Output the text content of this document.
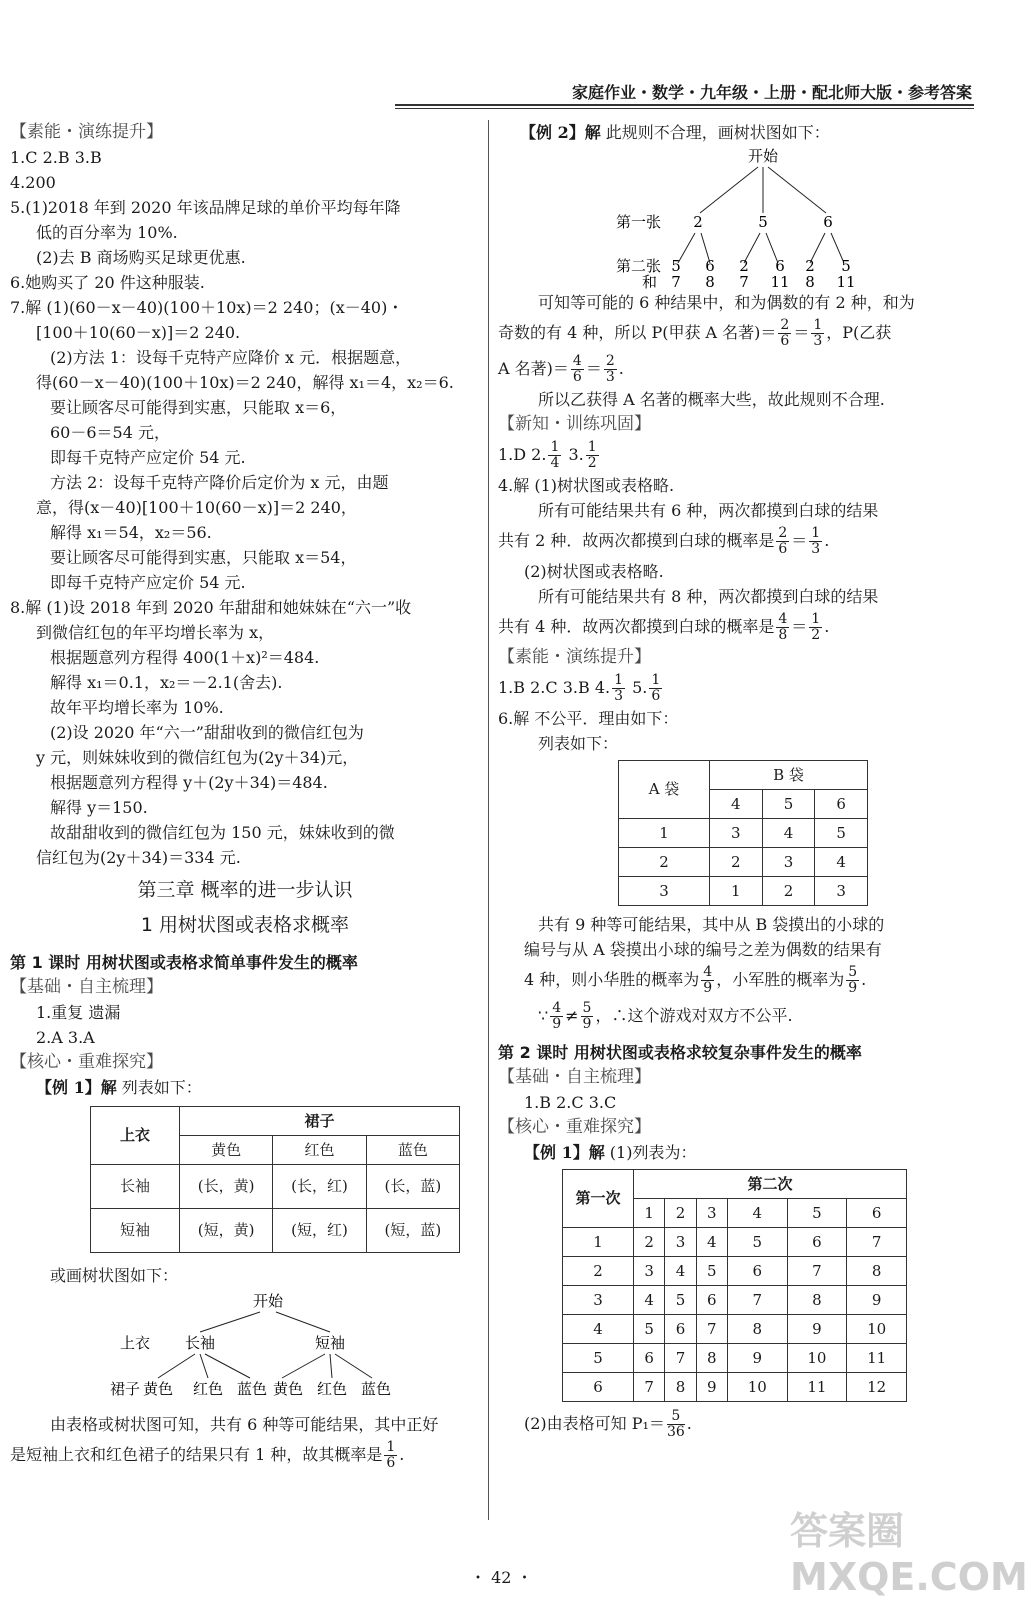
家庭作业・数学・九年级・上册・配北师大版・参考答案
【素能・演练提升】
1.C 2.B 3.B
4.200
5.(1)2018 年到 2020 年该品牌足球的单价平均每年降
低的百分率为 10%.
(2)去 B 商场购买足球更优惠.
6.她购买了 20 件这种服装.
7.解 (1)(60－x－40)(100＋10x)＝2 240；(x－40)・
[100＋10(60－x)]＝2 240.
(2)方法 1：设每千克特产应降价 x 元．根据题意，
得(60－x－40)(100＋10x)＝2 240，解得 x₁＝4，x₂＝6.
要让顾客尽可能得到实惠，只能取 x＝6，
60－6＝54 元，
即每千克特产应定价 54 元.
方法 2：设每千克特产降价后定价为 x 元，由题
意，得(x－40)[100＋10(60－x)]＝2 240，
解得 x₁＝54，x₂＝56.
要让顾客尽可能得到实惠，只能取 x＝54，
即每千克特产应定价 54 元.
8.解 (1)设 2018 年到 2020 年甜甜和她妹妹在“六一”收
到微信红包的年平均增长率为 x，
根据题意列方程得 400(1＋x)²＝484.
解得 x₁＝0.1，x₂＝－2.1(舍去).
故年平均增长率为 10%.
(2)设 2020 年“六一”甜甜收到的微信红包为
y 元，则妹妹收到的微信红包为(2y＋34)元，
根据题意列方程得 y＋(2y＋34)＝484.
解得 y＝150.
故甜甜收到的微信红包为 150 元，妹妹收到的微
信红包为(2y＋34)＝334 元.
第三章 概率的进一步认识
1 用树状图或表格求概率
第 1 课时 用树状图或表格求简单事件发生的概率
【基础・自主梳理】
1.重复 遗漏
2.A 3.A
【核心・重难探究】
【例 1】解 列表如下：
上衣	裙子		
	黄色	红色	蓝色
长袖	(长，黄)	(长，红)	(长，蓝)
短袖	(短，黄)	(短，红)	(短，蓝)
或画树状图如下：
开始
上衣 长袖	短袖
裙子 黄色 红色 蓝色 黄色 红色 蓝色
由表格或树状图可知，共有 6 种等可能结果，其中正好
是短袖上衣和红色裙子的结果只有 1 种，故其概率是 $\frac{1}{6}$ .
【例 2】解 此规则不合理，画树状图如下：
开始
第一张 2	5	6
第二张 5 6 2 6 2 5
和 7 8 7 11 8 11
可知等可能的 6 种结果中，和为偶数的有 2 种，和为
奇数的有 4 种，所以 P(甲获 A 名著)＝ $\frac{2}{6} = \frac{1}{3}$ ，P(乙获
A 名著)＝ $\frac{4}{6} = \frac{2}{3}$ .
所以乙获得 A 名著的概率大些，故此规则不合理.
【新知・训练巩固】
1.D 2. $\frac{1}{4} 3$. $\frac{1}{2}$
4.解 (1)树状图或表格略.
所有可能结果共有 6 种，两次都摸到白球的结果
共有 2 种．故两次都摸到白球的概率是 $\frac{2}{6} = \frac{1}{3}$ .
(2)树状图或表格略.
所有可能结果共有 8 种，两次都摸到白球的结果
共有 4 种．故两次都摸到白球的概率是 $\frac{4}{8} = \frac{1}{2}$ .
【素能・演练提升】
1.B 2.C 3.B 4. $\frac{1}{3} 5$. $\frac{1}{6}$
6.解 不公平．理由如下：
列表如下：
A 袋	B 袋		
	4	5	6
1	3	4	5
2	2	3	4
3	1	2	3
共有 9 种等可能结果，其中从 B 袋摸出的小球的
编号与从 A 袋摸出小球的编号之差为偶数的结果有
4 种，则小华胜的概率为 $\frac{4}{9}$ ，小军胜的概率为 $\frac{5}{9}$ .
∵ $\frac{4}{9} \ne \frac{5}{9}$ ，∴这个游戏对双方不公平.
第 2 课时 用树状图或表格求较复杂事件发生的概率
【基础・自主梳理】
1.B 2.C 3.C
【核心・重难探究】
【例 1】解 (1)列表为：
第一次	第二次					
	1	2	3	4	5	6
1	2	3	4	5	6	7
2	3	4	5	6	7	8
3	4	5	6	7	8	9
4	5	6	7	8	9	10
5	6	7	8	9	10	11
6	7	8	9	10	11	12
(2)由表格可知 $P_1= \frac{5}{36}$ .
・ 42 ・
答案圈 MXQE.COM
